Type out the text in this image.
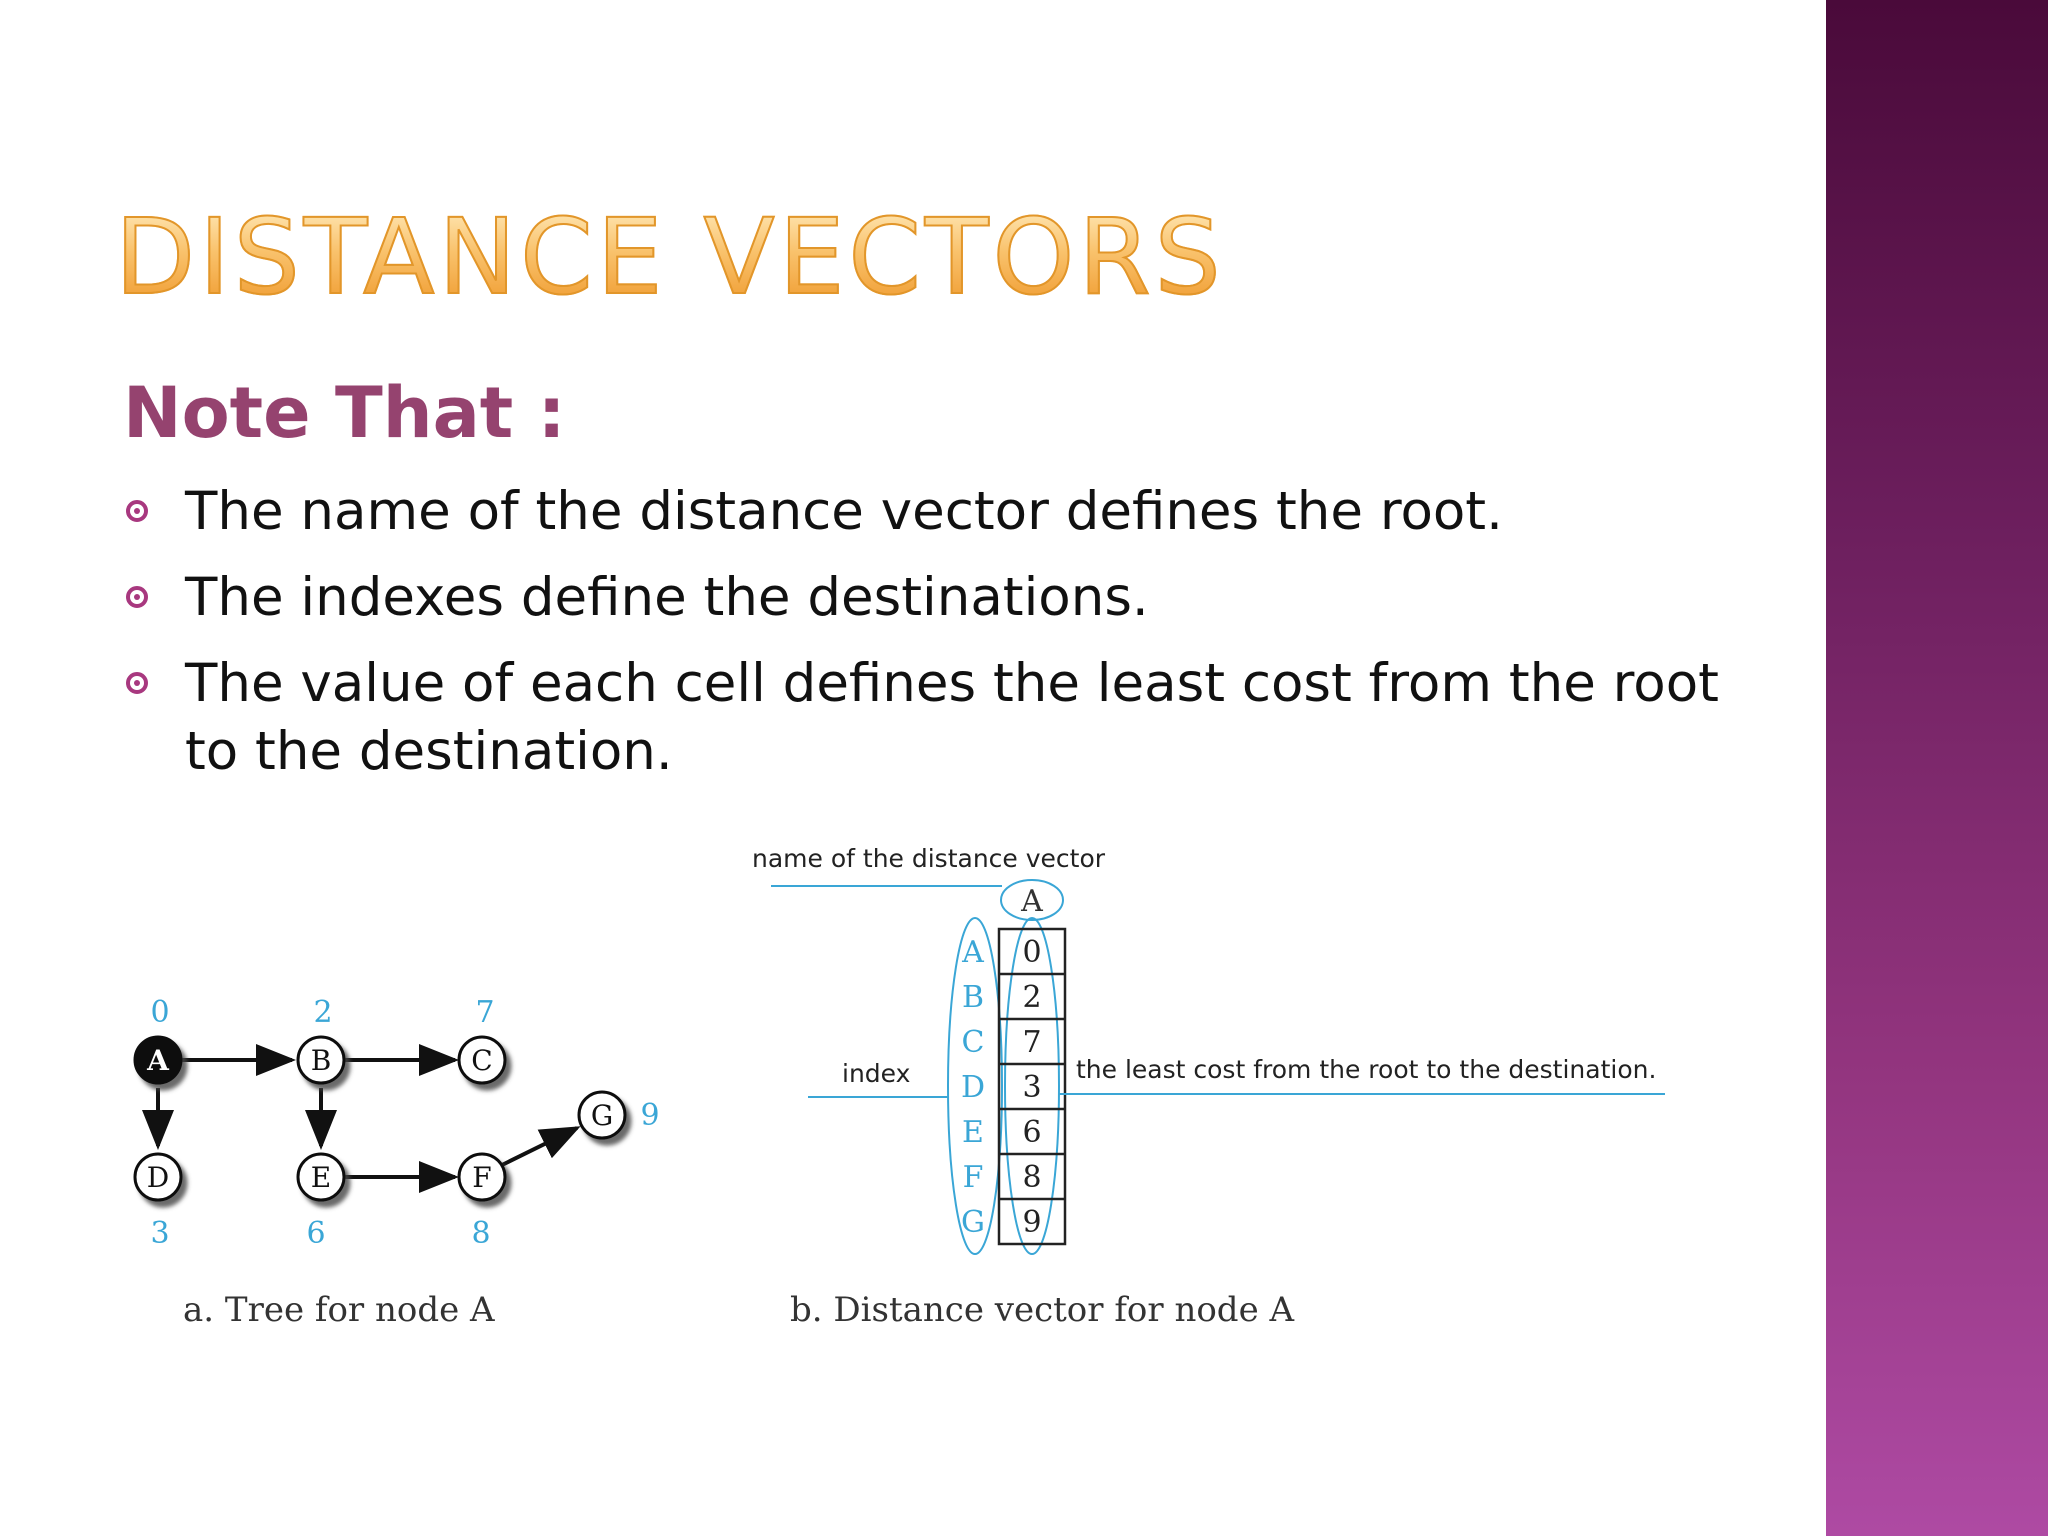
DISTANCE VECTORS
Note That :
The name of the distance vector defines the root.
The indexes define the destinations.
The value of each cell defines the least cost from the root to the destination.
A
0
B
2
C
7
D
3
E
6
F
8
G 9
a. Tree for node A
name of the distance vector
A
A
B
C
D
E
F
G
0
2
7
3
6
8
9
index	the least cost from the root to the destination.
b. Distance vector for node A
